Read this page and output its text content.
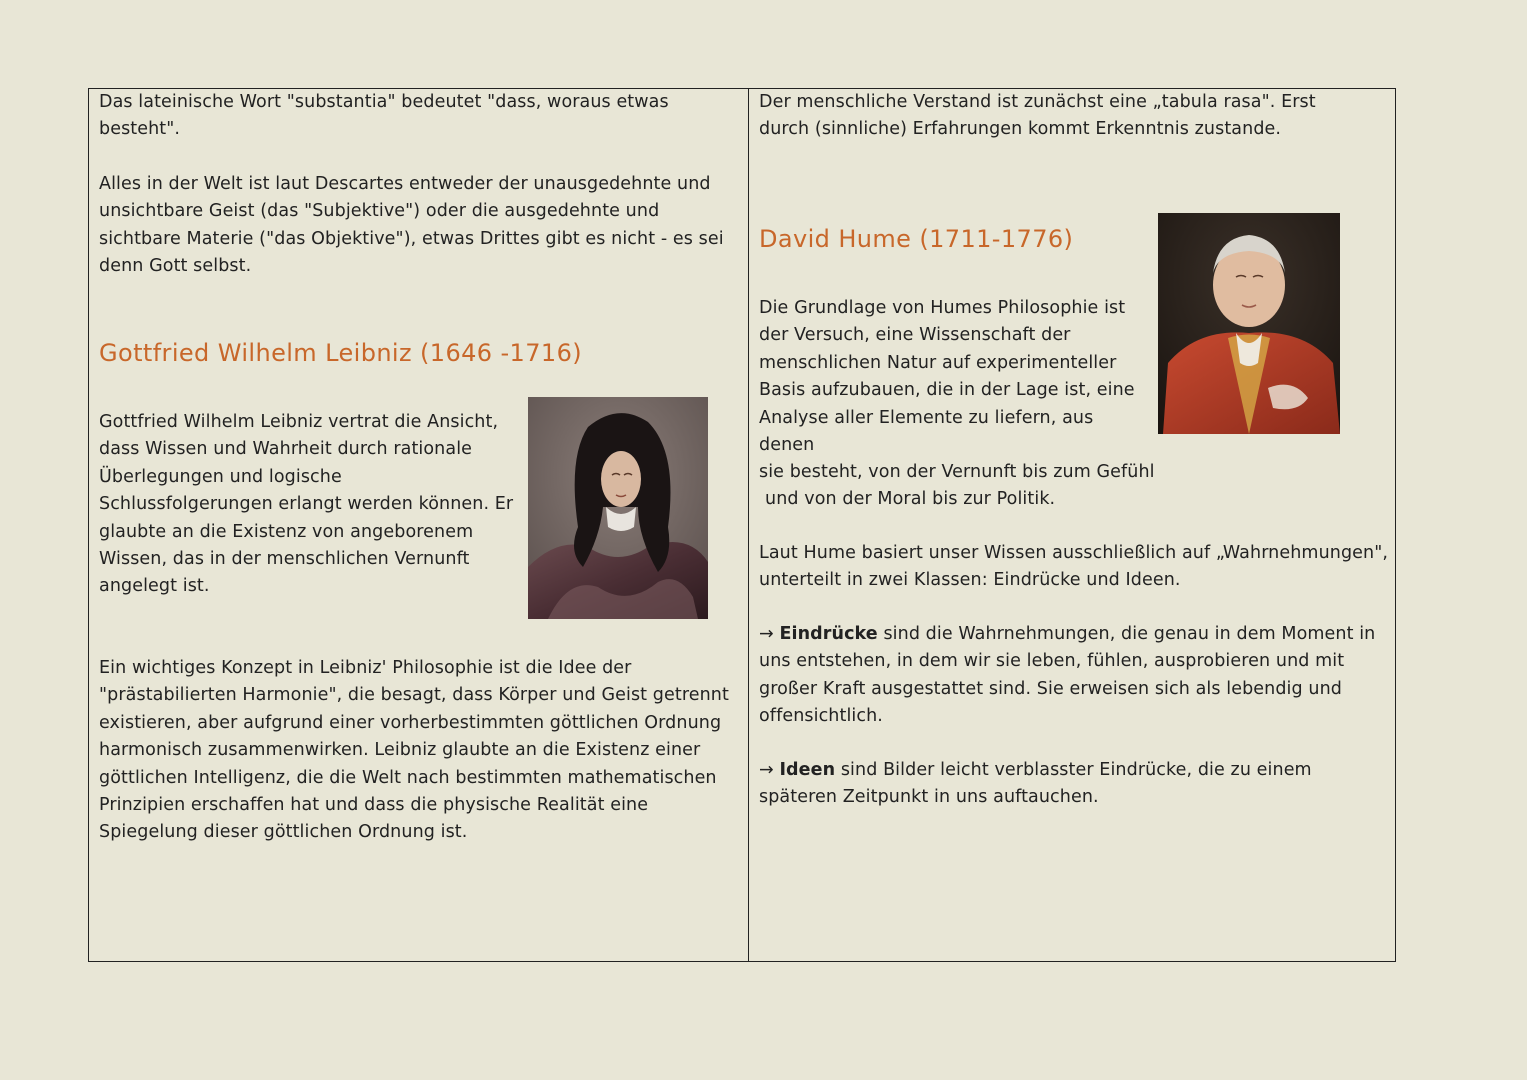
Das lateinische Wort "substantia" bedeutet "dass, woraus etwas besteht".

Alles in der Welt ist laut Descartes entweder der unausgedehnte und unsichtbare Geist (das "Subjektive") oder die ausgedehnte und sichtbare Materie ("das Objektive"), etwas Drittes gibt es nicht - es sei denn Gott selbst.

Gottfried Wilhelm Leibniz (1646 -1716)

Gottfried Wilhelm Leibniz vertrat die Ansicht, dass Wissen und Wahrheit durch rationale Überlegungen und logische Schlussfolgerungen erlangt werden können. Er glaubte an die Existenz von angeborenem Wissen, das in der menschlichen Vernunft angelegt ist.

Ein wichtiges Konzept in Leibniz' Philosophie ist die Idee der "prästabilierten Harmonie", die besagt, dass Körper und Geist getrennt existieren, aber aufgrund einer vorherbestimmten göttlichen Ordnung harmonisch zusammenwirken. Leibniz glaubte an die Existenz einer göttlichen Intelligenz, die die Welt nach bestimmten mathematischen Prinzipien erschaffen hat und dass die physische Realität eine Spiegelung dieser göttlichen Ordnung ist.

Der menschliche Verstand ist zunächst eine „tabula rasa". Erst durch (sinnliche) Erfahrungen kommt Erkenntnis zustande.

David Hume (1711-1776)

Die Grundlage von Humes Philosophie ist der Versuch, eine Wissenschaft der menschlichen Natur auf experimenteller Basis aufzubauen, die in der Lage ist, eine Analyse aller Elemente zu liefern, aus denen

sie besteht, von der Vernunft bis zum Gefühl

und von der Moral bis zur Politik.

Laut Hume basiert unser Wissen ausschließlich auf „Wahrnehmungen", unterteilt in zwei Klassen: Eindrücke und Ideen.

→ Eindrücke sind die Wahrnehmungen, die genau in dem Moment in uns entstehen, in dem wir sie leben, fühlen, ausprobieren und mit großer Kraft ausgestattet sind. Sie erweisen sich als lebendig und offensichtlich.

→ Ideen sind Bilder leicht verblasster Eindrücke, die zu einem späteren Zeitpunkt in uns auftauchen.
